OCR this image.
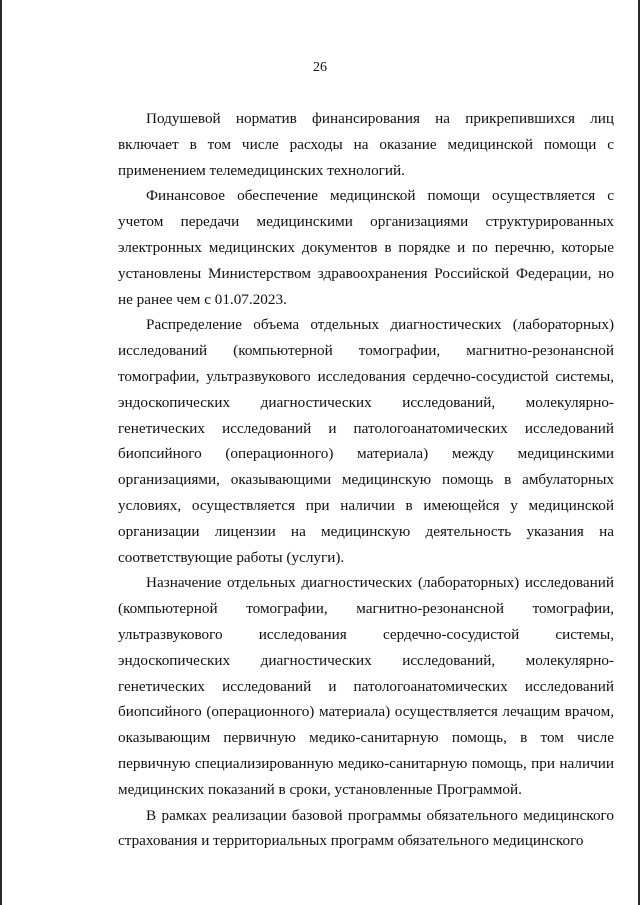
26

Подушевой норматив финансирования на прикрепившихся лиц включает в том числе расходы на оказание медицинской помощи с применением телемедицинских технологий.

Финансовое обеспечение медицинской помощи осуществляется с учетом передачи медицинскими организациями структурированных электронных медицинских документов в порядке и по перечню, которые установлены Министерством здравоохранения Российской Федерации, но не ранее чем с 01.07.2023.

Распределение объема отдельных диагностических (лабораторных) исследований (компьютерной томографии, магнитно-резонансной томографии, ультразвукового исследования сердечно-сосудистой системы, эндоскопических диагностических исследований, молекулярно-генетических исследований и патологоанатомических исследований биопсийного (операционного) материала) между медицинскими организациями, оказывающими медицинскую помощь в амбулаторных условиях, осуществляется при наличии в имеющейся у медицинской организации лицензии на медицинскую деятельность указания на соответствующие работы (услуги).

Назначение отдельных диагностических (лабораторных) исследований (компьютерной томографии, магнитно-резонансной томографии, ультразвукового исследования сердечно-сосудистой системы, эндоскопических диагностических исследований, молекулярно-генетических исследований и патологоанатомических исследований биопсийного (операционного) материала) осуществляется лечащим врачом, оказывающим первичную медико-санитарную помощь, в том числе первичную специализированную медико-санитарную помощь, при наличии медицинских показаний в сроки, установленные Программой.

В рамках реализации базовой программы обязательного медицинского страхования и территориальных программ обязательного медицинского
